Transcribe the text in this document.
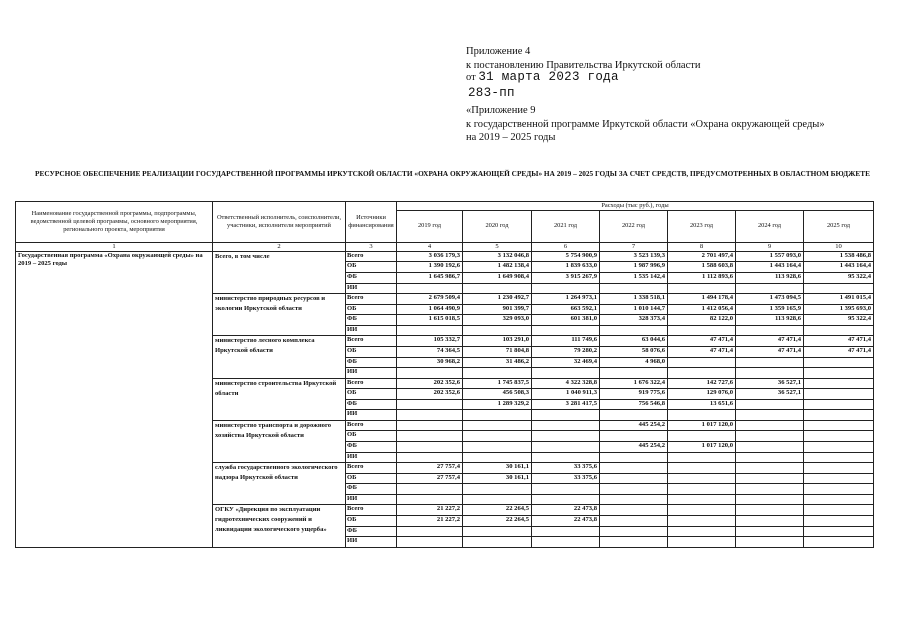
Приложение 4
к постановлению Правительства Иркутской области
от 31 марта 2023 года
283-пп
«Приложение 9
к государственной программе Иркутской области «Охрана окружающей среды»
на 2019 – 2025 годы
РЕСУРСНОЕ ОБЕСПЕЧЕНИЕ РЕАЛИЗАЦИИ ГОСУДАРСТВЕННОЙ ПРОГРАММЫ ИРКУТСКОЙ ОБЛАСТИ «ОХРАНА ОКРУЖАЮЩЕЙ СРЕДЫ» НА 2019 – 2025 ГОДЫ ЗА СЧЕТ СРЕДСТВ, ПРЕДУСМОТРЕННЫХ В ОБЛАСТНОМ БЮДЖЕТЕ
Наименование государственной программы, подпрограммы, ведомственной целевой программы, основного мероприятия, регионального проекта, мероприятия	Ответственный исполнитель, соисполнители, участники, исполнители мероприятий	Источники финансирования	Расходы (тыс руб.), годы						
			2019 год	2020 год	2021 год	2022 год	2023 год	2024 год	2025 год
1	2	3	4	5	6	7	8	9	10
Государственная программа «Охрана окружающей среды» на 2019 – 2025 годы	Всего, в том числе	Всего	3 036 179,3	3 132 046,8	5 754 900,9	3 523 139,3	2 701 497,4	1 557 093,0	1 538 486,8
		ОБ	1 390 192,6	1 482 138,4	1 839 633,0	1 987 996,9	1 588 603,8	1 443 164,4	1 443 164,4
		ФБ	1 645 986,7	1 649 908,4	3 915 267,9	1 535 142,4	1 112 893,6	113 928,6	95 322,4
		ИИ							
	министерство природных ресурсов и экологии Иркутской области	Всего	2 679 509,4	1 230 492,7	1 264 973,1	1 338 518,1	1 494 178,4	1 473 094,5	1 491 015,4
		ОБ	1 064 490,9	901 399,7	663 592,1	1 010 144,7	1 412 056,4	1 359 165,9	1 395 693,0
		ФБ	1 615 018,5	329 093,0	601 381,0	328 373,4	82 122,0	113 928,6	95 322,4
		ИИ							
	министерство лесного комплекса Иркутской области	Всего	105 332,7	103 291,0	111 749,6	63 044,6	47 471,4	47 471,4	47 471,4
		ОБ	74 364,5	71 804,8	79 280,2	58 076,6	47 471,4	47 471,4	47 471,4
		ФБ	30 968,2	31 486,2	32 469,4	4 968,0			
		ИИ							
	министерство строительства Иркутской области	Всего	202 352,6	1 745 837,5	4 322 328,8	1 676 322,4	142 727,6	36 527,1	
		ОБ	202 352,6	456 508,3	1 040 911,3	919 775,6	129 076,0	36 527,1	
		ФБ		1 289 329,2	3 281 417,5	756 546,8	13 651,6		
		ИИ							
	министерство транспорта и дорожного хозяйства Иркутской области	Всего				445 254,2	1 017 120,0		
		ОБ							
		ФБ				445 254,2	1 017 120,0		
		ИИ							
	служба государственного экологического надзора Иркутской области	Всего	27 757,4	30 161,1	33 375,6				
		ОБ	27 757,4	30 161,1	33 375,6				
		ФБ							
		ИИ							
	ОГКУ «Дирекция по эксплуатации гидротехнических сооружений и ликвидации экологического ущерба»	Всего	21 227,2	22 264,5	22 473,8				
		ОБ	21 227,2	22 264,5	22 473,8				
		ФБ							
		ИИ							
